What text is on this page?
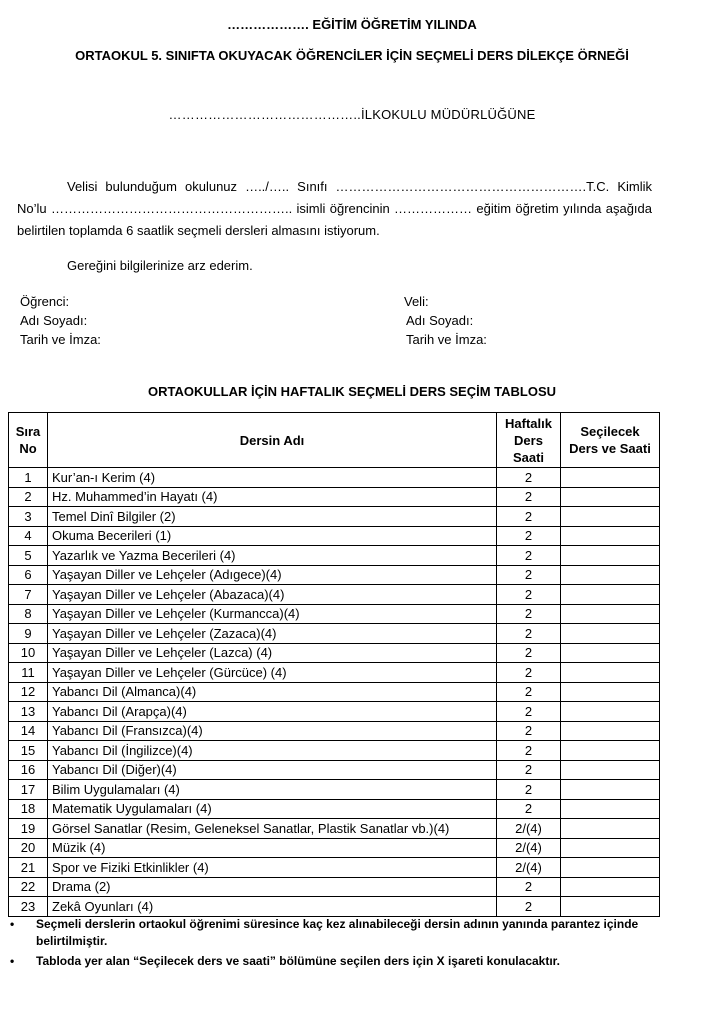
………………. EĞİTİM ÖĞRETİM YILINDA
ORTAOKUL 5. SINIFTA OKUYACAK ÖĞRENCİLER İÇİN SEÇMELİ DERS DİLEKÇE ÖRNEĞİ
……………………………………..İLKOKULU MÜDÜRLÜĞÜNE
Velisi bulunduğum okulunuz …../….. Sınıfı ………………………………………………….T.C. Kimlik No’lu ……………………………………………….. isimli öğrencinin ……………… eğitim öğretim yılında aşağıda belirtilen toplamda 6 saatlik seçmeli dersleri almasını istiyorum.
Gereğini bilgilerinize arz ederim.
Öğrenci:
Adı Soyadı:
Tarih ve İmza:
Veli:
Adı Soyadı:
Tarih ve İmza:
ORTAOKULLAR İÇİN HAFTALIK SEÇMELİ DERS SEÇİM TABLOSU
Sıra No	Dersin Adı	Haftalık Ders Saati	Seçilecek Ders ve Saati
1	Kur’an-ı Kerim (4)	2	
2	Hz. Muhammed’in Hayatı (4)	2	
3	Temel Dinî Bilgiler (2)	2	
4	Okuma Becerileri (1)	2	
5	Yazarlık ve Yazma Becerileri (4)	2	
6	Yaşayan Diller ve Lehçeler (Adıgece)(4)	2	
7	Yaşayan Diller ve Lehçeler (Abazaca)(4)	2	
8	Yaşayan Diller ve Lehçeler (Kurmancca)(4)	2	
9	Yaşayan Diller ve Lehçeler (Zazaca)(4)	2	
10	Yaşayan Diller ve Lehçeler (Lazca) (4)	2	
11	Yaşayan Diller ve Lehçeler (Gürcüce) (4)	2	
12	Yabancı Dil (Almanca)(4)	2	
13	Yabancı Dil (Arapça)(4)	2	
14	Yabancı Dil (Fransızca)(4)	2	
15	Yabancı Dil (İngilizce)(4)	2	
16	Yabancı Dil (Diğer)(4)	2	
17	Bilim Uygulamaları (4)	2	
18	Matematik Uygulamaları (4)	2	
19	Görsel Sanatlar (Resim, Geleneksel Sanatlar, Plastik Sanatlar vb.)(4)	2/(4)	
20	Müzik (4)	2/(4)	
21	Spor ve Fiziki Etkinlikler (4)	2/(4)	
22	Drama (2)	2	
23	Zekâ Oyunları (4)	2	
•	Seçmeli derslerin ortaokul öğrenimi süresince kaç kez alınabileceği dersin adının yanında parantez içinde belirtilmiştir.
•	Tabloda yer alan “Seçilecek ders ve saati” bölümüne seçilen ders için X işareti konulacaktır.
